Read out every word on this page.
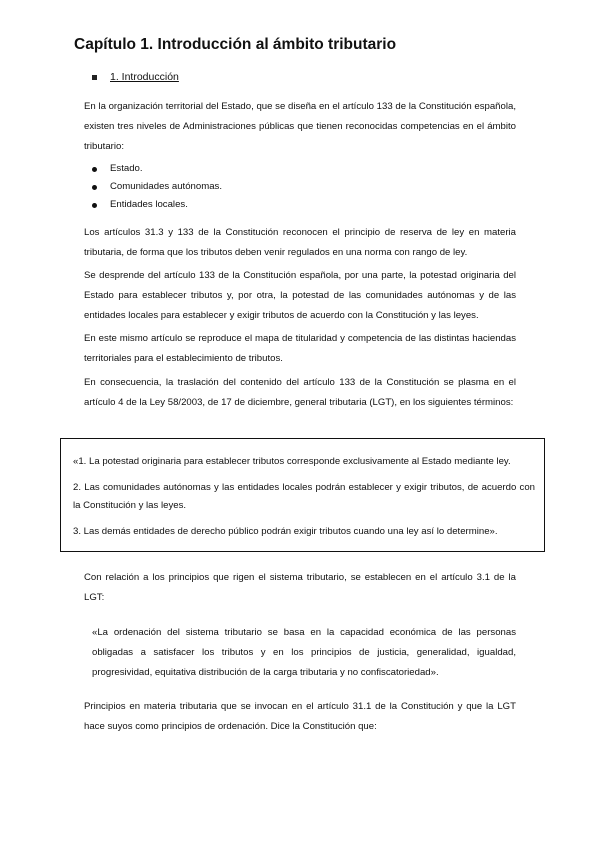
Capítulo 1. Introducción al ámbito tributario
1. Introducción

En la organización territorial del Estado, que se diseña en el artículo 133 de la Constitución española, existen tres niveles de Administraciones públicas que tienen reconocidas competencias en el ámbito tributario:

Estado.
Comunidades autónomas.
Entidades locales.

Los artículos 31.3 y 133 de la Constitución reconocen el principio de reserva de ley en materia tributaria, de forma que los tributos deben venir regulados en una norma con rango de ley.

Se desprende del artículo 133 de la Constitución española, por una parte, la potestad originaria del Estado para establecer tributos y, por otra, la potestad de las comunidades autónomas y de las entidades locales para establecer y exigir tributos de acuerdo con la Constitución y las leyes.

En este mismo artículo se reproduce el mapa de titularidad y competencia de las distintas haciendas territoriales para el establecimiento de tributos.

En consecuencia, la traslación del contenido del artículo 133 de la Constitución se plasma en el artículo 4 de la Ley 58/2003, de 17 de diciembre, general tributaria (LGT), en los siguientes términos:

«1. La potestad originaria para establecer tributos corresponde exclusivamente al Estado mediante ley.

2. Las comunidades autónomas y las entidades locales podrán establecer y exigir tributos, de acuerdo con la Constitución y las leyes.

3. Las demás entidades de derecho público podrán exigir tributos cuando una ley así lo determine».

Con relación a los principios que rigen el sistema tributario, se establecen en el artículo 3.1 de la LGT:

«La ordenación del sistema tributario se basa en la capacidad económica de las personas obligadas a satisfacer los tributos y en los principios de justicia, generalidad, igualdad, progresividad, equitativa distribución de la carga tributaria y no confiscatoriedad».

Principios en materia tributaria que se invocan en el artículo 31.1 de la Constitución y que la LGT hace suyos como principios de ordenación. Dice la Constitución que:
